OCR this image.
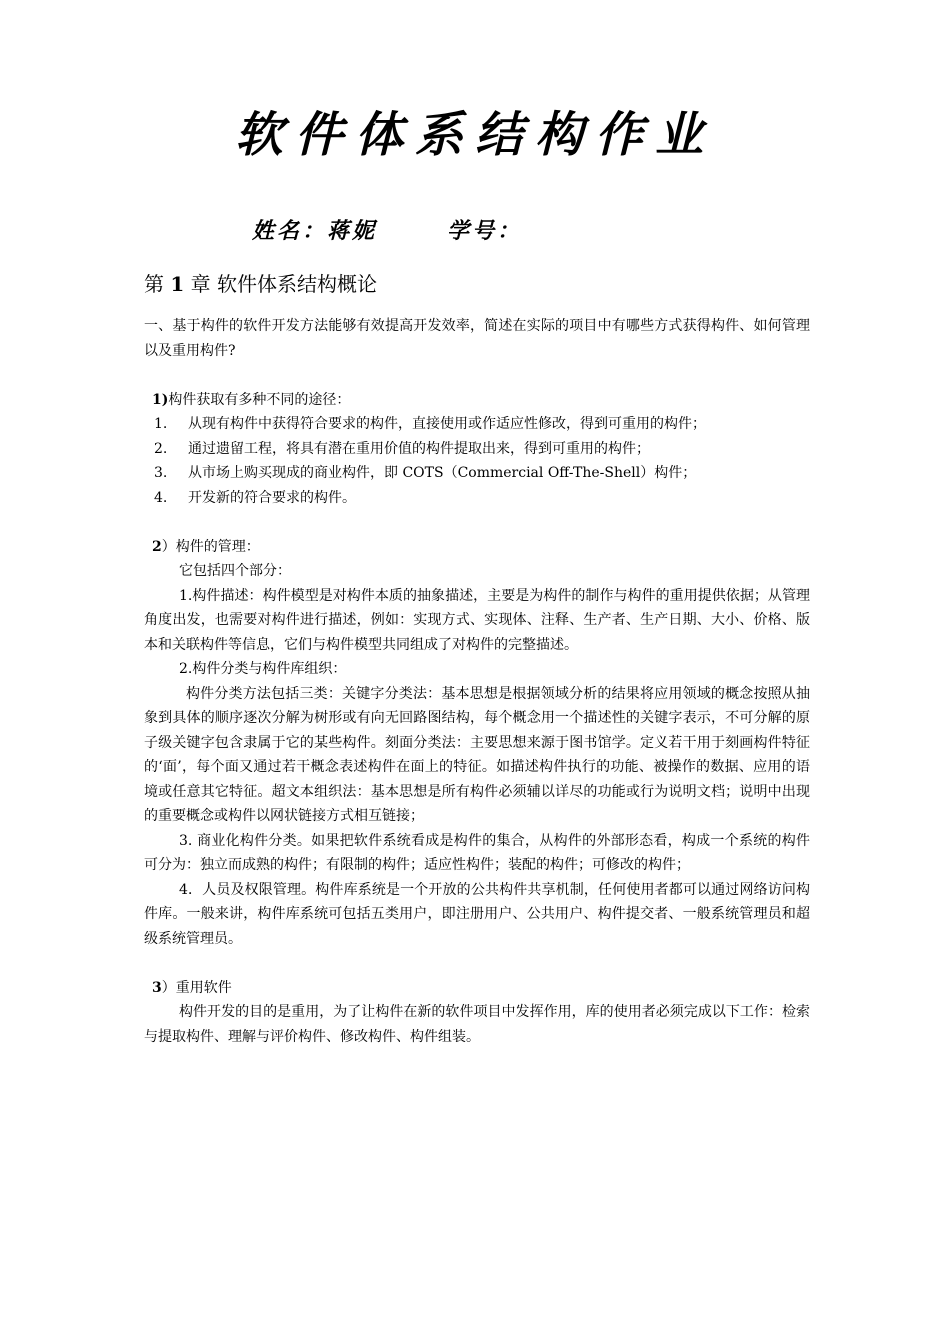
软件体系结构作业
姓名：蒋妮	学号：
第 1 章 软件体系结构概论

一、基于构件的软件开发方法能够有效提高开发效率，简述在实际的项目中有哪些方式获得构件、如何管理以及重用构件?

1)构件获取有多种不同的途径：

1. 从现有构件中获得符合要求的构件，直接使用或作适应性修改，得到可重用的构件；

2. 通过遗留工程，将具有潜在重用价值的构件提取出来，得到可重用的构件；

3. 从市场上购买现成的商业构件，即 COTS（Commercial Off-The-Shell）构件；

4. 开发新的符合要求的构件。

2）构件的管理：

它包括四个部分：

1.构件描述：构件模型是对构件本质的抽象描述，主要是为构件的制作与构件的重用提供依据；从管理角度出发，也需要对构件进行描述，例如：实现方式、实现体、注释、生产者、生产日期、大小、价格、版本和关联构件等信息，它们与构件模型共同组成了对构件的完整描述。

2.构件分类与构件库组织：

构件分类方法包括三类：关键字分类法：基本思想是根据领域分析的结果将应用领域的概念按照从抽象到具体的顺序逐次分解为树形或有向无回路图结构，每个概念用一个描述性的关键字表示，不可分解的原子级关键字包含隶属于它的某些构件。刻面分类法：主要思想来源于图书馆学。定义若干用于刻画构件特征的‘面’，每个面又通过若干概念表述构件在面上的特征。如描述构件执行的功能、被操作的数据、应用的语境或任意其它特征。超文本组织法：基本思想是所有构件必须辅以详尽的功能或行为说明文档；说明中出现的重要概念或构件以网状链接方式相互链接；

3. 商业化构件分类。如果把软件系统看成是构件的集合，从构件的外部形态看，构成一个系统的构件可分为：独立而成熟的构件；有限制的构件；适应性构件；装配的构件；可修改的构件；

4．人员及权限管理。构件库系统是一个开放的公共构件共享机制，任何使用者都可以通过网络访问构件库。一般来讲，构件库系统可包括五类用户，即注册用户、公共用户、构件提交者、一般系统管理员和超级系统管理员。

3）重用软件

构件开发的目的是重用，为了让构件在新的软件项目中发挥作用，库的使用者必须完成以下工作：检索与提取构件、理解与评价构件、修改构件、构件组装。
